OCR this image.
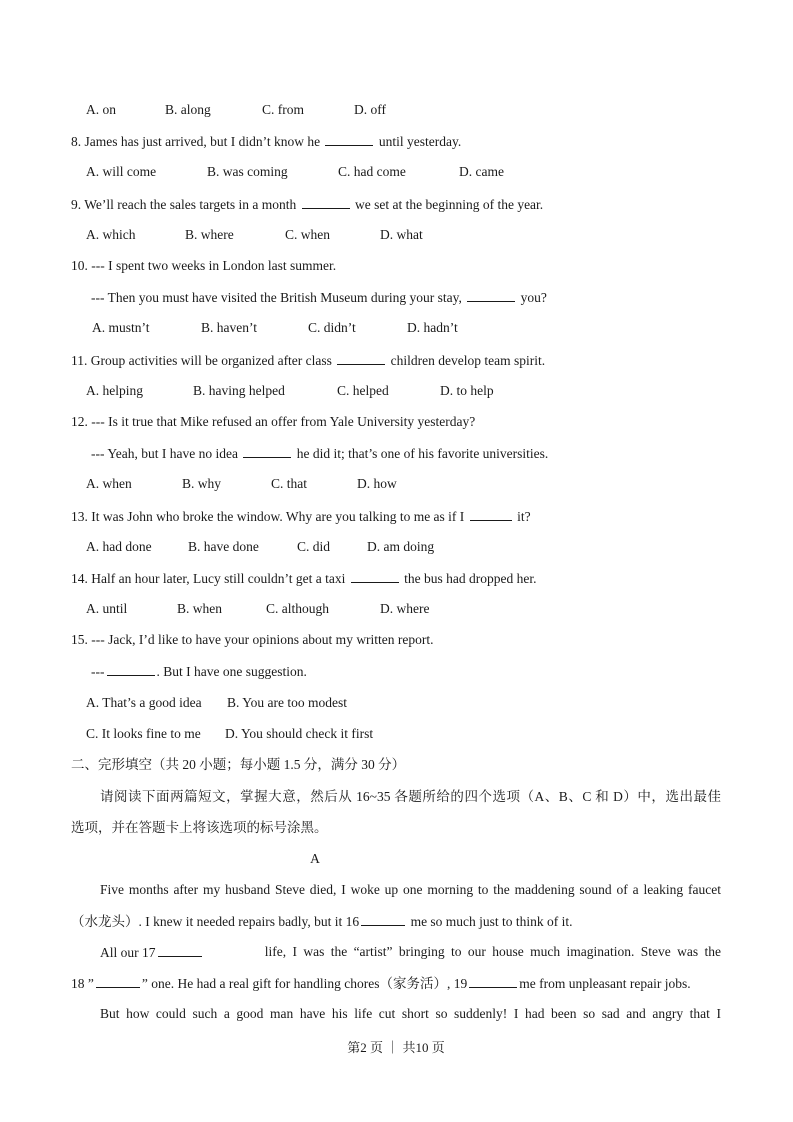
A. on	B. along	C. from	D. off
8. James has just arrived, but I didn’t know he	until yesterday.
A. will come	B. was coming	C. had come	D. came
9. We’ll reach the sales targets in a month	we set at the beginning of the year.
A. which	B. where	C. when	D. what
10. --- I spent two weeks in London last summer.
--- Then you must have visited the British Museum during your stay,	you?
A. mustn’t	B. haven’t	C. didn’t	D. hadn’t
11. Group activities will be organized after class	children develop team spirit.
A. helping	B. having helped	C. helped	D. to help
12. --- Is it true that Mike refused an offer from Yale University yesterday?
--- Yeah, but I have no idea	he did it; that’s one of his favorite universities.
A. when	B. why	C. that	D. how
13. It was John who broke the window. Why are you talking to me as if I	it?
A. had done	B. have done	C. did	D. am doing
14. Half an hour later, Lucy still couldn’t get a taxi	the bus had dropped her.
A. until	B. when	C. although	D. where
15. --- Jack, I’d like to have your opinions about my written report.
---	. But I have one suggestion.
A. That’s a good idea B. You are too modest
C. It looks fine to me D. You should check it first
二、完形填空（共 20 小题；每小题 1.5 分，满分 30 分）
请阅读下面两篇短文，掌握大意，然后从 16~35 各题所给的四个选项（A、B、C 和 D）中，选出最佳
选项，并在答题卡上将该选项的标号涂黑。
A
Five months after my husband Steve died, I woke up one morning to the maddening sound of a leaking faucet
（水龙头）. I knew it needed repairs badly, but it 16	me so much just to think of it.
All our 17	life, I was the “artist” bringing to our house much imagination. Steve was the
18 ”	” one. He had a real gift for handling chores（家务活）, 19	me from unpleasant repair jobs.
But how could such a good man have his life cut short so suddenly! I had been so sad and angry that I
第2 页 ｜ 共10 页
